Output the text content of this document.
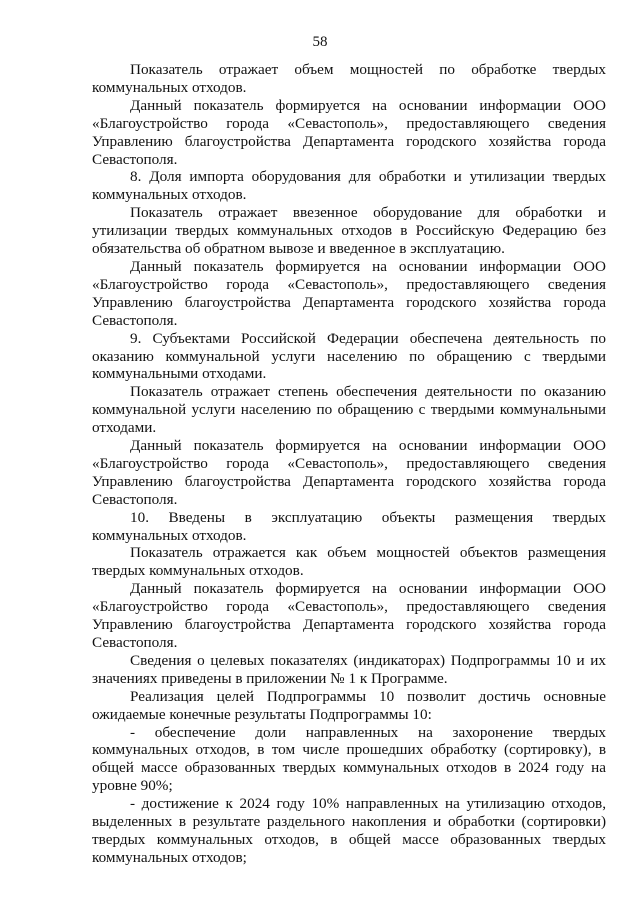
58

Показатель отражает объем мощностей по обработке твердых коммунальных отходов.

Данный показатель формируется на основании информации ООО «Благоустройство города «Севастополь», предоставляющего сведения Управлению благоустройства Департамента городского хозяйства города Севастополя.

8. Доля импорта оборудования для обработки и утилизации твердых коммунальных отходов.

Показатель отражает ввезенное оборудование для обработки и утилизации твердых коммунальных отходов в Российскую Федерацию без обязательства об обратном вывозе и введенное в эксплуатацию.

Данный показатель формируется на основании информации ООО «Благоустройство города «Севастополь», предоставляющего сведения Управлению благоустройства Департамента городского хозяйства города Севастополя.

9. Субъектами Российской Федерации обеспечена деятельность по оказанию коммунальной услуги населению по обращению с твердыми коммунальными отходами.

Показатель отражает степень обеспечения деятельности по оказанию коммунальной услуги населению по обращению с твердыми коммунальными отходами.

Данный показатель формируется на основании информации ООО «Благоустройство города «Севастополь», предоставляющего сведения Управлению благоустройства Департамента городского хозяйства города Севастополя.

10. Введены в эксплуатацию объекты размещения твердых коммунальных отходов.

Показатель отражается как объем мощностей объектов размещения твердых коммунальных отходов.

Данный показатель формируется на основании информации ООО «Благоустройство города «Севастополь», предоставляющего сведения Управлению благоустройства Департамента городского хозяйства города Севастополя.

Сведения о целевых показателях (индикаторах) Подпрограммы 10 и их значениях приведены в приложении № 1 к Программе.

Реализация целей Подпрограммы 10 позволит достичь основные ожидаемые конечные результаты Подпрограммы 10:

- обеспечение доли направленных на захоронение твердых коммунальных отходов, в том числе прошедших обработку (сортировку), в общей массе образованных твердых коммунальных отходов в 2024 году на уровне 90%;

- достижение к 2024 году 10% направленных на утилизацию отходов, выделенных в результате раздельного накопления и обработки (сортировки) твердых коммунальных отходов, в общей массе образованных твердых коммунальных отходов;
